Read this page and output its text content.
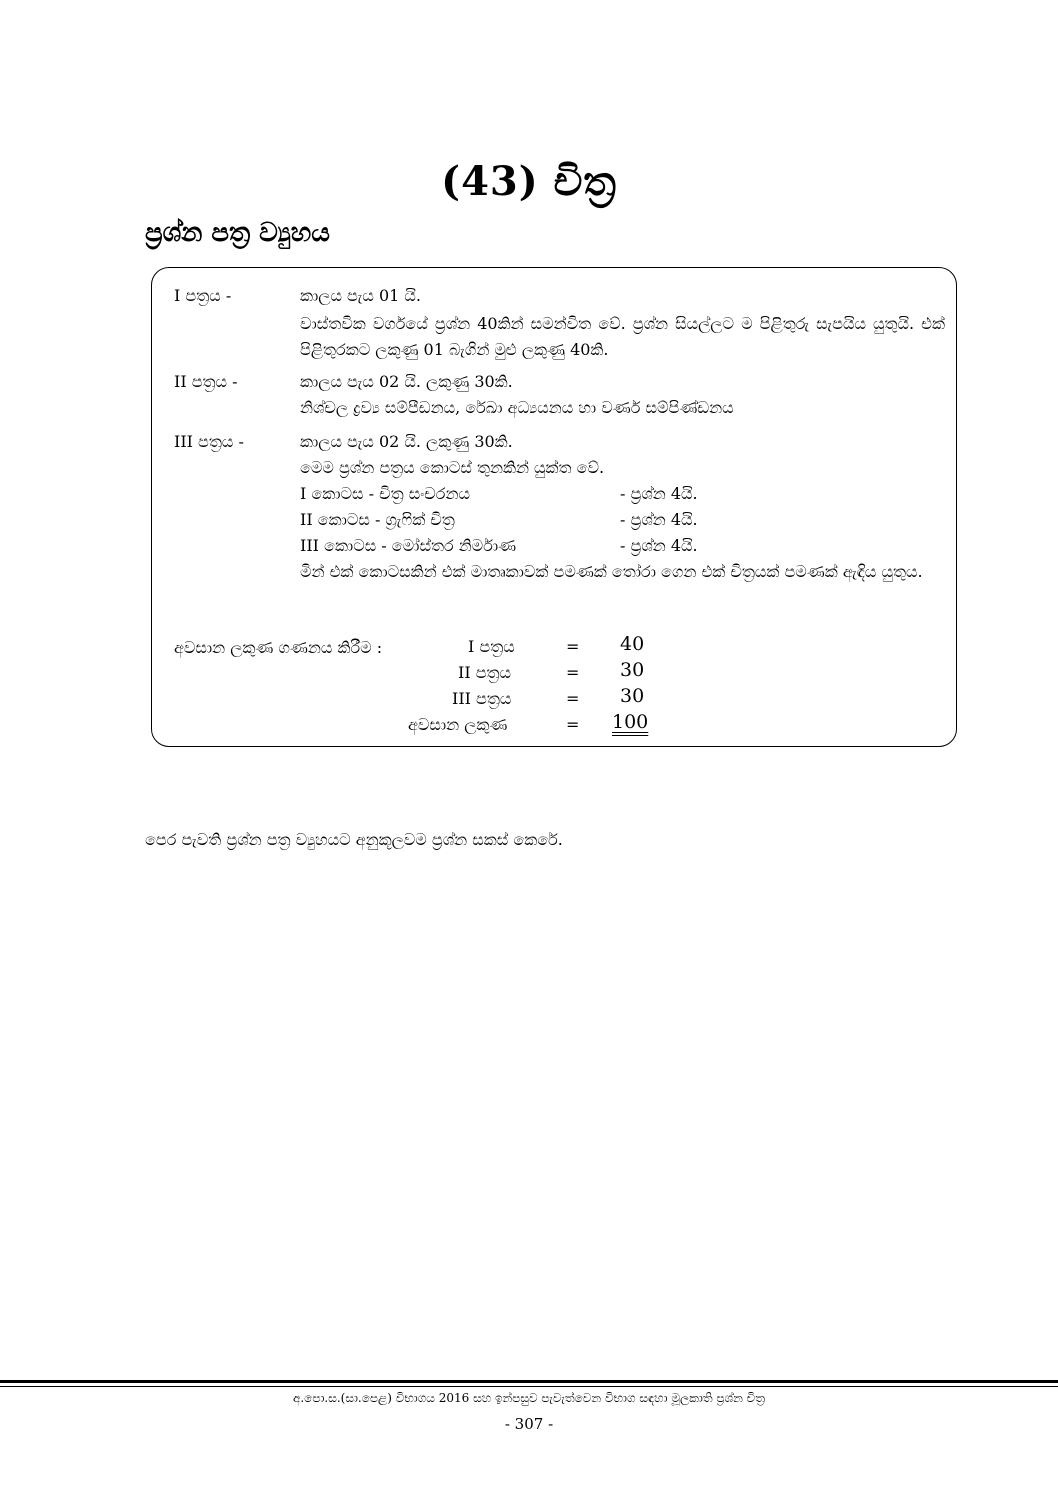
(43) චිත්‍ර
ප්‍රශ්න පත්‍ර ව්‍යුහය
I පත්‍රය -	කාලය පැය 01 යි.
වාස්තවික වර්ගයේ ප්‍රශ්න 40කින් සමන්විත වේ. ප්‍රශ්න සියල්ලට ම පිළිතුරු සැපයිය යුතුයි. එක් පිළිතුරකට ලකුණු 01 බැගින් මුළු ලකුණු 40කි.
II පත්‍රය -	කාලය පැය 02 යි. ලකුණු 30කි.
නිශ්චල ද්‍රව්‍ය සම්පීඩනය, රේඛා අධ්‍යයනය හා වර්ණ සම්පිණ්ඩනය
III පත්‍රය -	කාලය පැය 02 යි. ලකුණු 30කි.
මෙම ප්‍රශ්න පත්‍රය කොටස් තුනකින් යුක්ත වේ.
I කොටස - චිත්‍ර සංචරනය	- ප්‍රශ්න 4යි.
II කොටස - ග්‍රැෆික් චිත්‍ර	- ප්‍රශ්න 4යි.
III කොටස - මෝස්තර නිර්මාණ	- ප්‍රශ්න 4යි.
මින් එක් කොටසකින් එක් මාතෘකාවක් පමණක් තෝරා ගෙන එක් චිත්‍රයක් පමණක් ඇඳිය යුතුය.
අවසාන ලකුණ ගණනය කිරීම :	I පත්‍රය	= 40
II පත්‍රය	= 30
III පත්‍රය	= 30
අවසාන ලකුණ	= 100
පෙර පැවති ප්‍රශ්න පත්‍ර ව්‍යුහයට අනුකූලවම ප්‍රශ්න සකස් කෙරේ.
අ.පො.ස.(සා.පෙළ) විභාගය 2016 සහ ඉන්පසුව පැවැත්වෙන විභාග සඳහා මූලකාති ප්‍රශ්න චිත්‍ර
- 307 -
